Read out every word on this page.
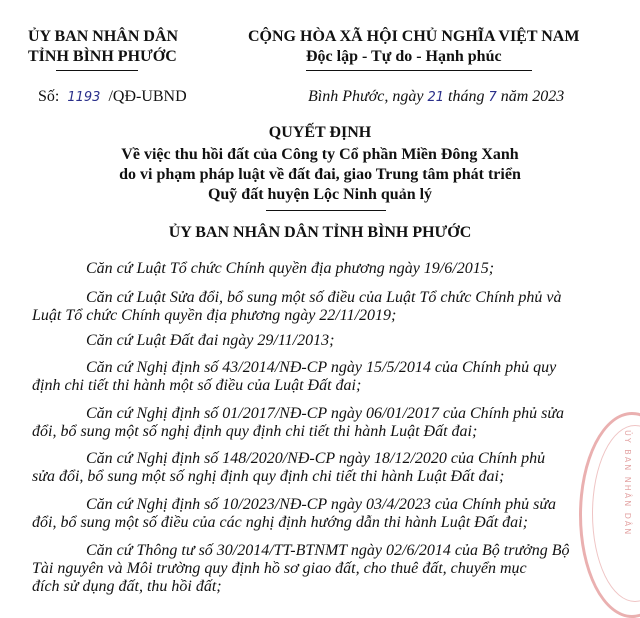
ỦY BAN NHÂN DÂN
TỈNH BÌNH PHƯỚC
CỘNG HÒA XÃ HỘI CHỦ NGHĨA VIỆT NAM
Độc lập - Tự do - Hạnh phúc
Số: 1193 /QĐ-UBND	Bình Phước, ngày 21 tháng 7 năm 2023
QUYẾT ĐỊNH
Về việc thu hồi đất của Công ty Cổ phần Miền Đông Xanh
do vi phạm pháp luật về đất đai, giao Trung tâm phát triển
Quỹ đất huyện Lộc Ninh quản lý
ỦY BAN NHÂN DÂN TỈNH BÌNH PHƯỚC
Căn cứ Luật Tổ chức Chính quyền địa phương ngày 19/6/2015;
Căn cứ Luật Sửa đổi, bổ sung một số điều của Luật Tổ chức Chính phủ và
Luật Tổ chức Chính quyền địa phương ngày 22/11/2019;
Căn cứ Luật Đất đai ngày 29/11/2013;
Căn cứ Nghị định số 43/2014/NĐ-CP ngày 15/5/2014 của Chính phủ quy
định chi tiết thi hành một số điều của Luật Đất đai;
Căn cứ Nghị định số 01/2017/NĐ-CP ngày 06/01/2017 của Chính phủ sửa
đổi, bổ sung một số nghị định quy định chi tiết thi hành Luật Đất đai;
Căn cứ Nghị định số 148/2020/NĐ-CP ngày 18/12/2020 của Chính phủ
sửa đổi, bổ sung một số nghị định quy định chi tiết thi hành Luật Đất đai;
Căn cứ Nghị định số 10/2023/NĐ-CP ngày 03/4/2023 của Chính phủ sửa
đổi, bổ sung một số điều của các nghị định hướng dẫn thi hành Luật Đất đai;
Căn cứ Thông tư số 30/2014/TT-BTNMT ngày 02/6/2014 của Bộ trưởng Bộ
Tài nguyên và Môi trường quy định hồ sơ giao đất, cho thuê đất, chuyển mục
đích sử dụng đất, thu hồi đất;
ỦY BAN NHÂN DÂN
